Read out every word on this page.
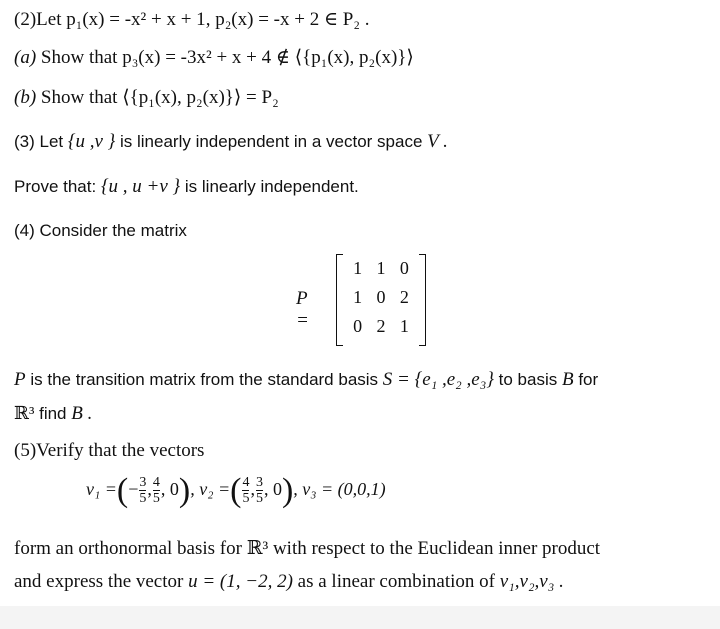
(2)Let p₁(x) = -x² + x + 1, p₂(x) = -x + 2 ∈ P₂ .
(a) Show that p₃(x) = -3x² + x + 4 ∉ ⟨{p₁(x), p₂(x)}⟩
(b) Show that ⟨{p₁(x), p₂(x)}⟩ = P₂
(3) Let {u ,v } is linearly independent in a vector space V .
Prove that: {u , u +v } is linearly independent.
(4) Consider the matrix
P =
1 1 0
1 0 2
0 2 1
P is the transition matrix from the standard basis S = {e₁ ,e₂ ,e₃} to basis B for
ℝ³ find B .
(5)Verify that the vectors
v₁ =(− $\frac{3}{5}$ , $\frac{4}{5}$ , 0), v₂ =( $\frac{4}{5}$ , $\frac{3}{5}$ , 0), v₃ = (0,0,1)
form an orthonormal basis for ℝ³ with respect to the Euclidean inner product
and express the vector u = (1, −2, 2) as a linear combination of v₁,v₂,v₃ .
